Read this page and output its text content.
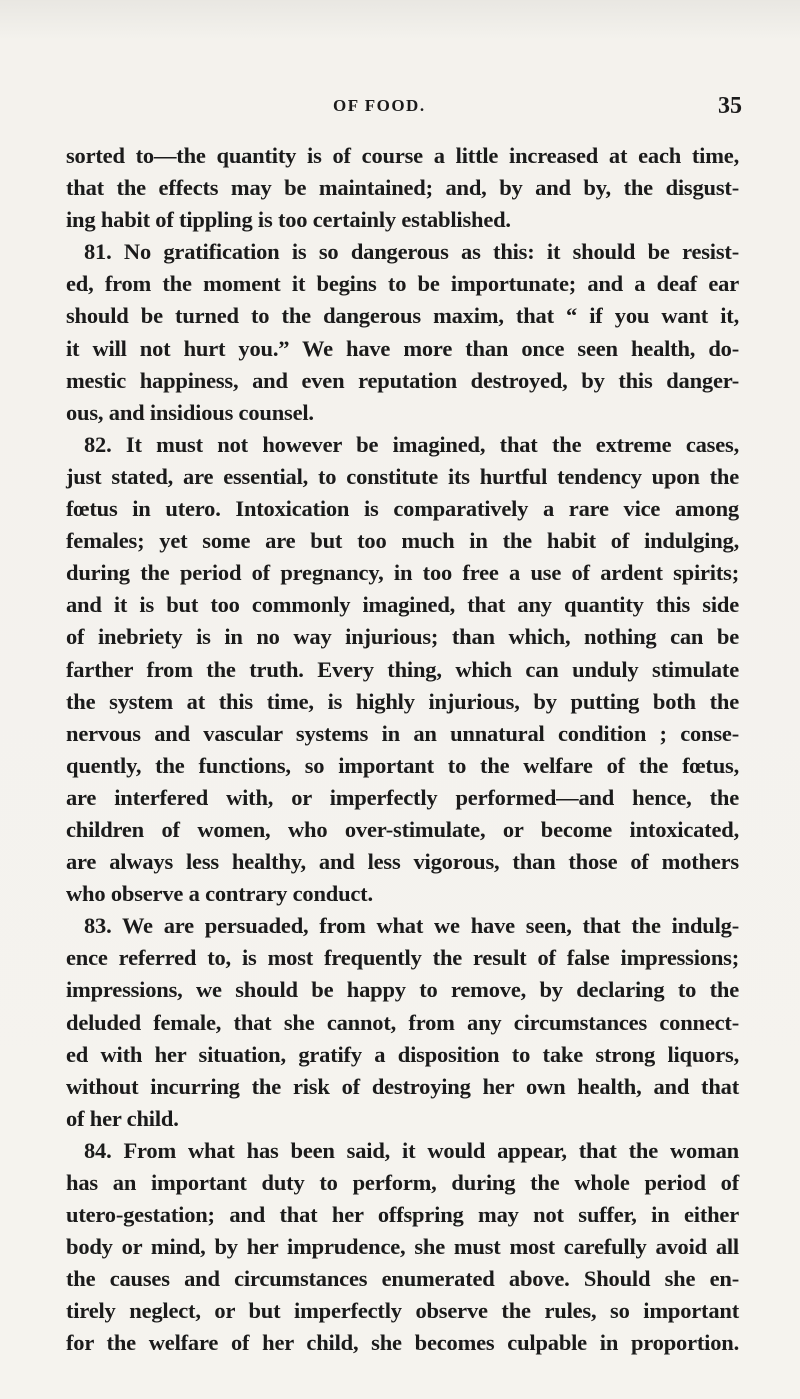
OF FOOD.	35
sorted to—the quantity is of course a little increased at each time,
that the effects may be maintained; and, by and by, the disgust-
ing habit of tippling is too certainly established.
81. No gratification is so dangerous as this: it should be resist-
ed, from the moment it begins to be importunate; and a deaf ear
should be turned to the dangerous maxim, that “ if you want it,
it will not hurt you.” We have more than once seen health, do-
mestic happiness, and even reputation destroyed, by this danger-
ous, and insidious counsel.
82. It must not however be imagined, that the extreme cases,
just stated, are essential, to constitute its hurtful tendency upon the
fœtus in utero. Intoxication is comparatively a rare vice among
females; yet some are but too much in the habit of indulging,
during the period of pregnancy, in too free a use of ardent spirits;
and it is but too commonly imagined, that any quantity this side
of inebriety is in no way injurious; than which, nothing can be
farther from the truth. Every thing, which can unduly stimulate
the system at this time, is highly injurious, by putting both the
nervous and vascular systems in an unnatural condition ; conse-
quently, the functions, so important to the welfare of the fœtus,
are interfered with, or imperfectly performed—and hence, the
children of women, who over-stimulate, or become intoxicated,
are always less healthy, and less vigorous, than those of mothers
who observe a contrary conduct.
83. We are persuaded, from what we have seen, that the indulg-
ence referred to, is most frequently the result of false impressions;
impressions, we should be happy to remove, by declaring to the
deluded female, that she cannot, from any circumstances connect-
ed with her situation, gratify a disposition to take strong liquors,
without incurring the risk of destroying her own health, and that
of her child.
84. From what has been said, it would appear, that the woman
has an important duty to perform, during the whole period of
utero-gestation; and that her offspring may not suffer, in either
body or mind, by her imprudence, she must most carefully avoid all
the causes and circumstances enumerated above. Should she en-
tirely neglect, or but imperfectly observe the rules, so important
for the welfare of her child, she becomes culpable in proportion.
